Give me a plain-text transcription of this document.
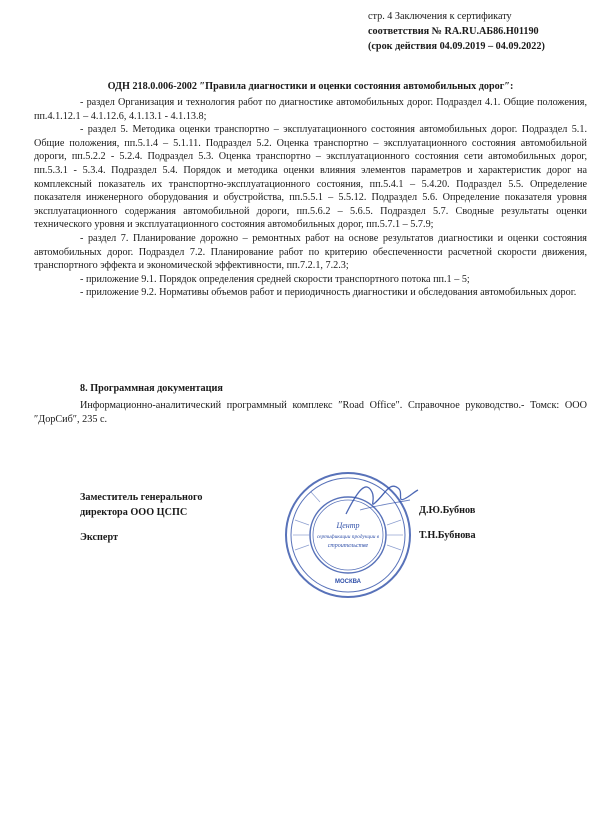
стр. 4 Заключения к сертификату
соответствия № RA.RU.АБ86.Н01190
(срок действия 04.09.2019 – 04.09.2022)
ОДН 218.0.006-2002 ″Правила диагностики и оценки состояния автомобильных дорог″:

- раздел Организация и технология работ по диагностике автомобильных дорог. Подраздел 4.1. Общие положения, пп.4.1.12.1 – 4.1.12.6, 4.1.13.1 - 4.1.13.8;

- раздел 5. Методика оценки транспортно – эксплуатационного состояния автомобильных дорог. Подраздел 5.1. Общие положения, пп.5.1.4 – 5.1.11. Подраздел 5.2. Оценка транспортно – эксплуатационного состояния автомобильной дороги, пп.5.2.2 - 5.2.4. Подраздел 5.3. Оценка транспортно – эксплуатационного состояния сети автомобильных дорог, пп.5.3.1 - 5.3.4. Подраздел 5.4. Порядок и методика оценки влияния элементов параметров и характеристик дорог на комплексный показатель их транспортно-эксплуатационного состояния, пп.5.4.1 – 5.4.20. Подраздел 5.5. Определение показателя инженерного оборудования и обустройства, пп.5.5.1 – 5.5.12. Подраздел 5.6. Определение показателя уровня эксплуатационного содержания автомобильной дороги, пп.5.6.2 – 5.6.5. Подраздел 5.7. Сводные результаты оценки технического уровня и эксплуатационного состояния автомобильных дорог, пп.5.7.1 – 5.7.9;

- раздел 7. Планирование дорожно – ремонтных работ на основе результатов диагностики и оценки состояния автомобильных дорог. Подраздел 7.2. Планирование работ по критерию обеспеченности расчетной скорости движения, транспортного эффекта и экономической эффективности, пп.7.2.1, 7.2.3;

- приложение 9.1. Порядок определения средней скорости транспортного потока пп.1 – 5;

- приложение 9.2. Нормативы объемов работ и периодичность диагностики и обследования автомобильных дорог.

8. Программная документация

Информационно-аналитический программный комплекс ″Road Office″. Справочное руководство.- Томск: ООО ″ДорСиб″, 235 с.

Заместитель генерального
директора ООО ЦСПС
Эксперт
Д.Ю.Бубнов
Т.Н.Бубнова
Центр
сертификации продукции в
строительстве
МОСКВА
